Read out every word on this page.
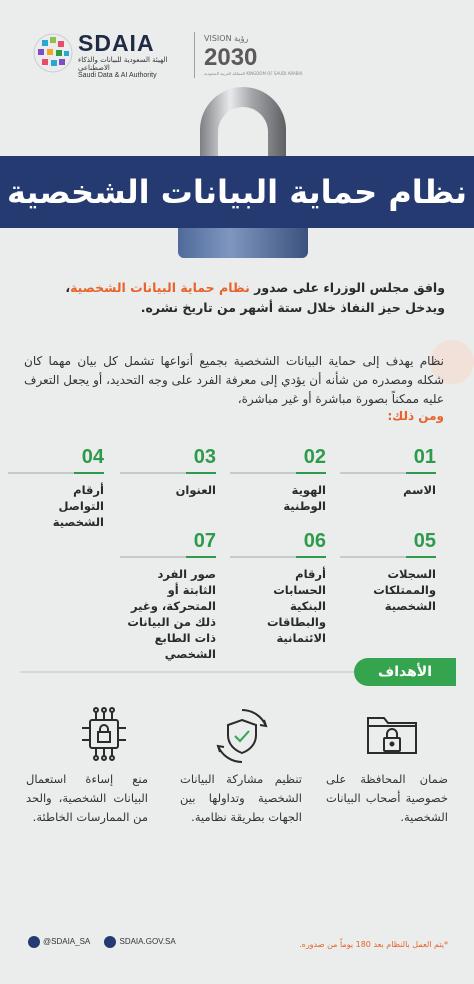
SDAIA
الهيئة السعودية للبيانات والذكاء الاصطناعي
Saudi Data & AI Authority
VISION رؤية
2030
المملكة العربية السعودية KINGDOM OF SAUDI ARABIA
نظام حماية البيانات الشخصية
وافق مجلس الوزراء على صدور نظام حماية البيانات الشخصية، ويدخل حيز النفاذ خلال ستة أشهر من تاريخ نشره.
نظام يهدف إلى حماية البيانات الشخصية بجميع أنواعها تشمل كل بيان مهما كان شكله ومصدره من شأنه أن يؤدي إلى معرفة الفرد على وجه التحديد، أو يجعل التعرف عليه ممكناً بصورة مباشرة أو غير مباشرة،
ومن ذلك:
01
الاسم
02
الهوية الوطنية
03
العنوان
04
أرقام التواصل الشخصية
05
السجلات والممتلكات الشخصية
06
أرقام الحسابات البنكية والبطاقات الائتمانية
07
صور الفرد الثابتة أو المتحركة، وغير ذلك من البيانات ذات الطابع الشخصي
الأهداف
ضمان المحافظة على خصوصية أصحاب البيانات الشخصية.
تنظيم مشاركة البيانات الشخصية وتداولها بين الجهات بطريقة نظامية.
منع إساءة استعمال البيانات الشخصية، والحد من الممارسات الخاطئة.
*يتم العمل بالنظام بعد 180 يوماً من صدوره.
@SDAIA_SA	SDAIA.GOV.SA
